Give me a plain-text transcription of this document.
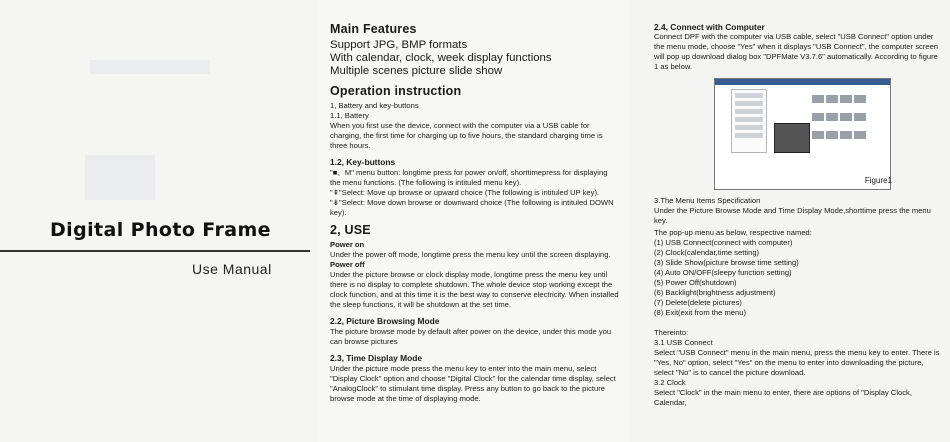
Digital Photo Frame
Use Manual
Main Features

Support JPG, BMP formats

With calendar, clock, week display functions

Multiple scenes picture slide show

Operation instruction

1, Battery and key-buttons

1.1, Battery

When you first use the device, connect with the computer via a USB cable for charging, the first time for charging up to five hours, the standard charging time is three hours.

1.2, Key-buttons

"■、M" menu button: longtime press for power on/off, shorttimepress for displaying the menu functions. (The following is intituled menu key).

"⇞"Select: Move up browse or upward choice (The following is intituled UP key).

"⇟"Select: Move down browse or downward choice (The following is intituled DOWN key).

2, USE

Power on

Under the power off mode, longtime press the menu key until the screen displaying.

Power off

Under the picture browse or clock display mode, longtime press the menu key until there is no display to complete shutdown. The whole device stop working except the clock function, and at this time it is the best way to conserve electricity. When installed the sleep functions, it will be shutdown at the set time.

2.2, Picture Browsing Mode

The picture browse mode by default after power on the device, under this mode you can browse pictures

2.3, Time Display Mode

Under the picture mode press the menu key to enter into the main menu, select "Display Clock" option and choose "Digital Clock" for the calendar time display, select "AnalogClock" to stimulant time display. Press any button to go back to the picture browse mode at the time of displaying mode.

2.4, Connect with Computer

Connect DPF with the computer via USB cable, select "USB Connect" option under the menu mode, choose "Yes" when it displays "USB Connect", the computer screen will pop up download dialog box "DPFMate V3.7.6" automatically. According to figure 1 as below.

Figure1

3.The Menu Items Specification

Under the Picture Browse Mode and Time Display Mode,shorttime press the menu key.

The pop-up menu as below, respective named:

(1) USB Connect(connect with computer)

(2) Clock(calendar,time setting)

(3) Slide Show(picture browse time setting)

(4) Auto ON/OFF(sleepy function setting)

(5) Power Off(shutdown)

(6) Backlight(brightness adjustment)

(7) Delete(delete pictures)

(8) Exit(exit from the menu)

Thereinto:

3.1 USB Connect

Select "USB Connect" menu in the main menu, press the menu key to enter. There is "Yes, No" option, select "Yes" on the menu to enter into downloading the picture, select "No" is to cancel the picture download.

3.2 Clock

Select "Clock" in the main menu to enter, there are options of "Display Clock, Calendar,
